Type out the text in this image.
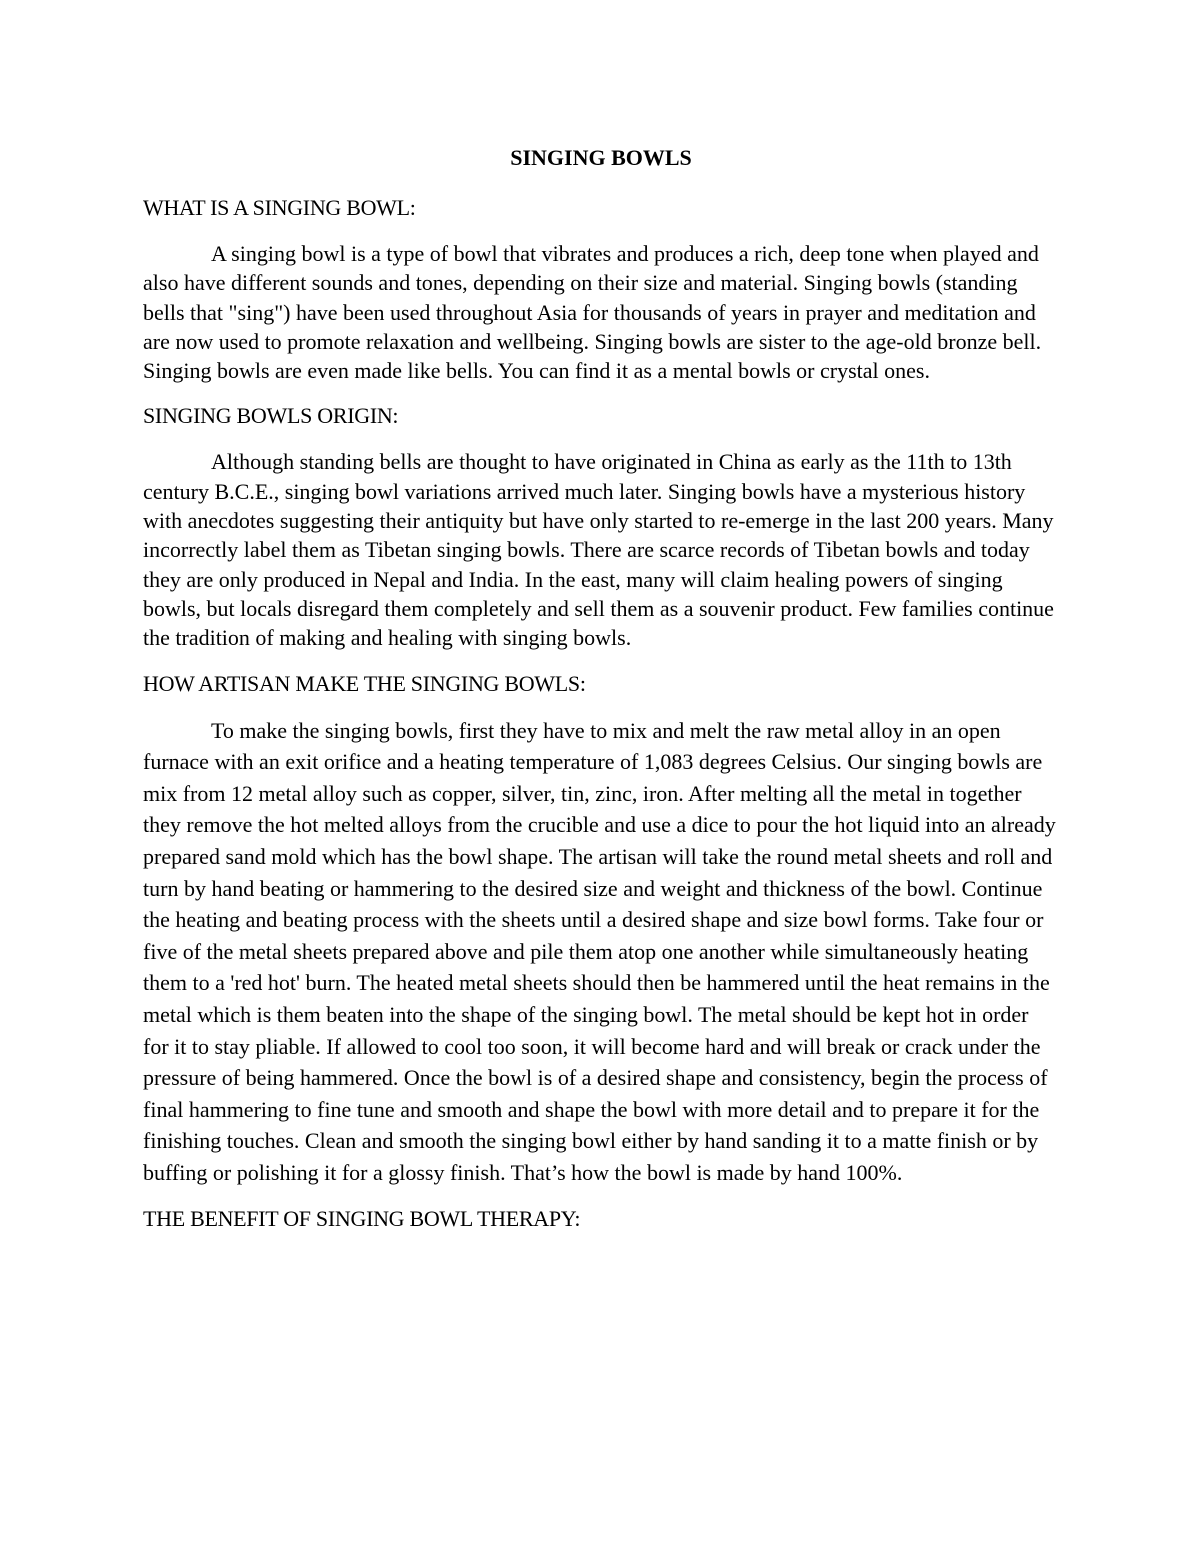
SINGING BOWLS
WHAT IS A SINGING BOWL:
A singing bowl is a type of bowl that vibrates and produces a rich, deep tone when played and also have different sounds and tones, depending on their size and material. Singing bowls (standing bells that "sing") have been used throughout Asia for thousands of years in prayer and meditation and are now used to promote relaxation and wellbeing. Singing bowls are sister to the age-old bronze bell. Singing bowls are even made like bells. You can find it as a mental bowls or crystal ones.
SINGING BOWLS ORIGIN:
Although standing bells are thought to have originated in China as early as the 11th to 13th century B.C.E., singing bowl variations arrived much later. Singing bowls have a mysterious history with anecdotes suggesting their antiquity but have only started to re-emerge in the last 200 years. Many incorrectly label them as Tibetan singing bowls. There are scarce records of Tibetan bowls and today they are only produced in Nepal and India. In the east, many will claim healing powers of singing bowls, but locals disregard them completely and sell them as a souvenir product. Few families continue the tradition of making and healing with singing bowls.
HOW ARTISAN MAKE THE SINGING BOWLS:
To make the singing bowls, first they have to mix and melt the raw metal alloy in an open furnace with an exit orifice and a heating temperature of 1,083 degrees Celsius. Our singing bowls are mix from 12 metal alloy such as copper, silver, tin, zinc, iron. After melting all the metal in together they remove the hot melted alloys from the crucible and use a dice to pour the hot liquid into an already prepared sand mold which has the bowl shape. The artisan will take the round metal sheets and roll and turn by hand beating or hammering to the desired size and weight and thickness of the bowl. Continue the heating and beating process with the sheets until a desired shape and size bowl forms. Take four or five of the metal sheets prepared above and pile them atop one another while simultaneously heating them to a 'red hot' burn. The heated metal sheets should then be hammered until the heat remains in the metal which is them beaten into the shape of the singing bowl. The metal should be kept hot in order for it to stay pliable. If allowed to cool too soon, it will become hard and will break or crack under the pressure of being hammered. Once the bowl is of a desired shape and consistency, begin the process of final hammering to fine tune and smooth and shape the bowl with more detail and to prepare it for the finishing touches. Clean and smooth the singing bowl either by hand sanding it to a matte finish or by buffing or polishing it for a glossy finish. That’s how the bowl is made by hand 100%.
THE BENEFIT OF SINGING BOWL THERAPY:
